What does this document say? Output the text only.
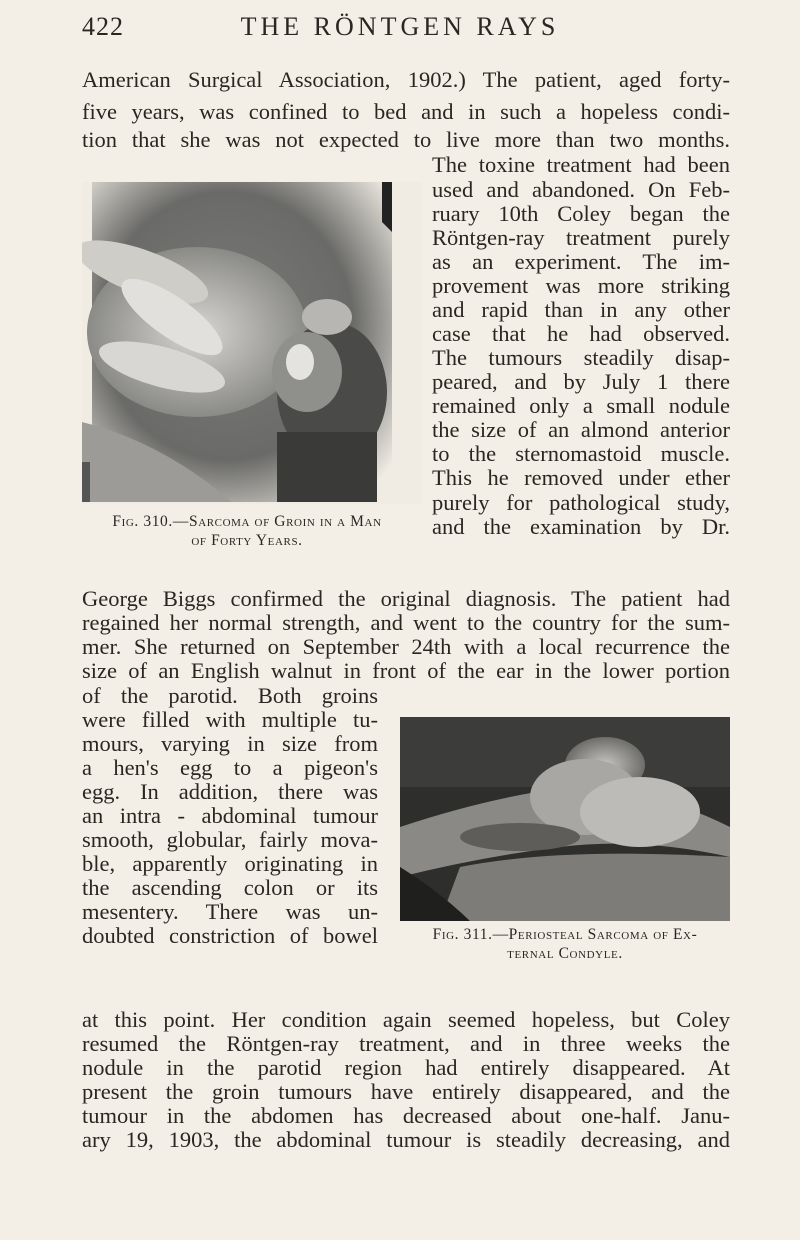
422	THE RÖNTGEN RAYS
Fig. 310.—Sarcoma of Groin in a Man
of Forty Years.
Fig. 311.—Periosteal Sarcoma of Ex-
ternal Condyle.
American Surgical Association, 1902.) The patient, aged forty-
five years, was confined to bed and in such a hopeless condi-
tion that she was not expected to live more than two months.
The toxine treatment had been
used and abandoned. On Feb-
ruary 10th Coley began the
Röntgen-ray treatment purely
as an experiment. The im-
provement was more striking
and rapid than in any other
case that he had observed.
The tumours steadily disap-
peared, and by July 1 there
remained only a small nodule
the size of an almond anterior
to the sternomastoid muscle.
This he removed under ether
purely for pathological study,
and the examination by Dr.
George Biggs confirmed the original diagnosis. The patient had
regained her normal strength, and went to the country for the sum-
mer. She returned on September 24th with a local recurrence the
size of an English walnut in front of the ear in the lower portion
of the parotid. Both groins
were filled with multiple tu-
mours, varying in size from
a hen's egg to a pigeon's
egg. In addition, there was
an intra - abdominal tumour
smooth, globular, fairly mova-
ble, apparently originating in
the ascending colon or its
mesentery. There was un-
doubted constriction of bowel
at this point. Her condition again seemed hopeless, but Coley
resumed the Röntgen-ray treatment, and in three weeks the
nodule in the parotid region had entirely disappeared. At
present the groin tumours have entirely disappeared, and the
tumour in the abdomen has decreased about one-half. Janu-
ary 19, 1903, the abdominal tumour is steadily decreasing, and
